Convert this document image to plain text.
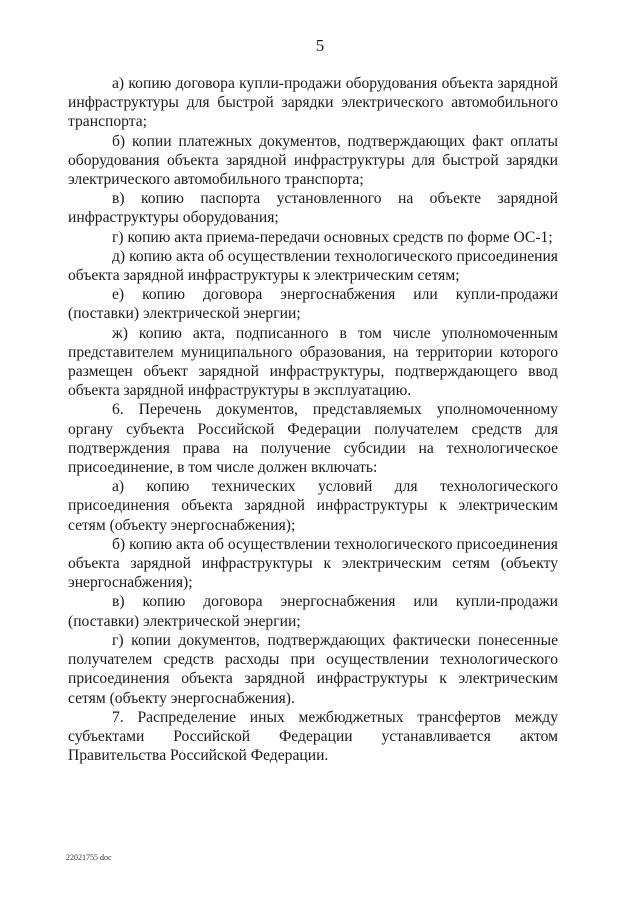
5

а) копию договора купли-продажи оборудования объекта зарядной инфраструктуры для быстрой зарядки электрического автомобильного транспорта;

б) копии платежных документов, подтверждающих факт оплаты оборудования объекта зарядной инфраструктуры для быстрой зарядки электрического автомобильного транспорта;

в) копию паспорта установленного на объекте зарядной инфраструктуры оборудования;

г) копию акта приема-передачи основных средств по форме ОС-1;

д) копию акта об осуществлении технологического присоединения объекта зарядной инфраструктуры к электрическим сетям;

е) копию договора энергоснабжения или купли-продажи (поставки) электрической энергии;

ж) копию акта, подписанного в том числе уполномоченным представителем муниципального образования, на территории которого размещен объект зарядной инфраструктуры, подтверждающего ввод объекта зарядной инфраструктуры в эксплуатацию.

6. Перечень документов, представляемых уполномоченному органу субъекта Российской Федерации получателем средств для подтверждения права на получение субсидии на технологическое присоединение, в том числе должен включать:

а) копию технических условий для технологического присоединения объекта зарядной инфраструктуры к электрическим сетям (объекту энергоснабжения);

б) копию акта об осуществлении технологического присоединения объекта зарядной инфраструктуры к электрическим сетям (объекту энергоснабжения);

в) копию договора энергоснабжения или купли-продажи (поставки) электрической энергии;

г) копии документов, подтверждающих фактически понесенные получателем средств расходы при осуществлении технологического присоединения объекта зарядной инфраструктуры к электрическим сетям (объекту энергоснабжения).

7. Распределение иных межбюджетных трансфертов между субъектами Российской Федерации устанавливается актом Правительства Российской Федерации.

22021755 doc
